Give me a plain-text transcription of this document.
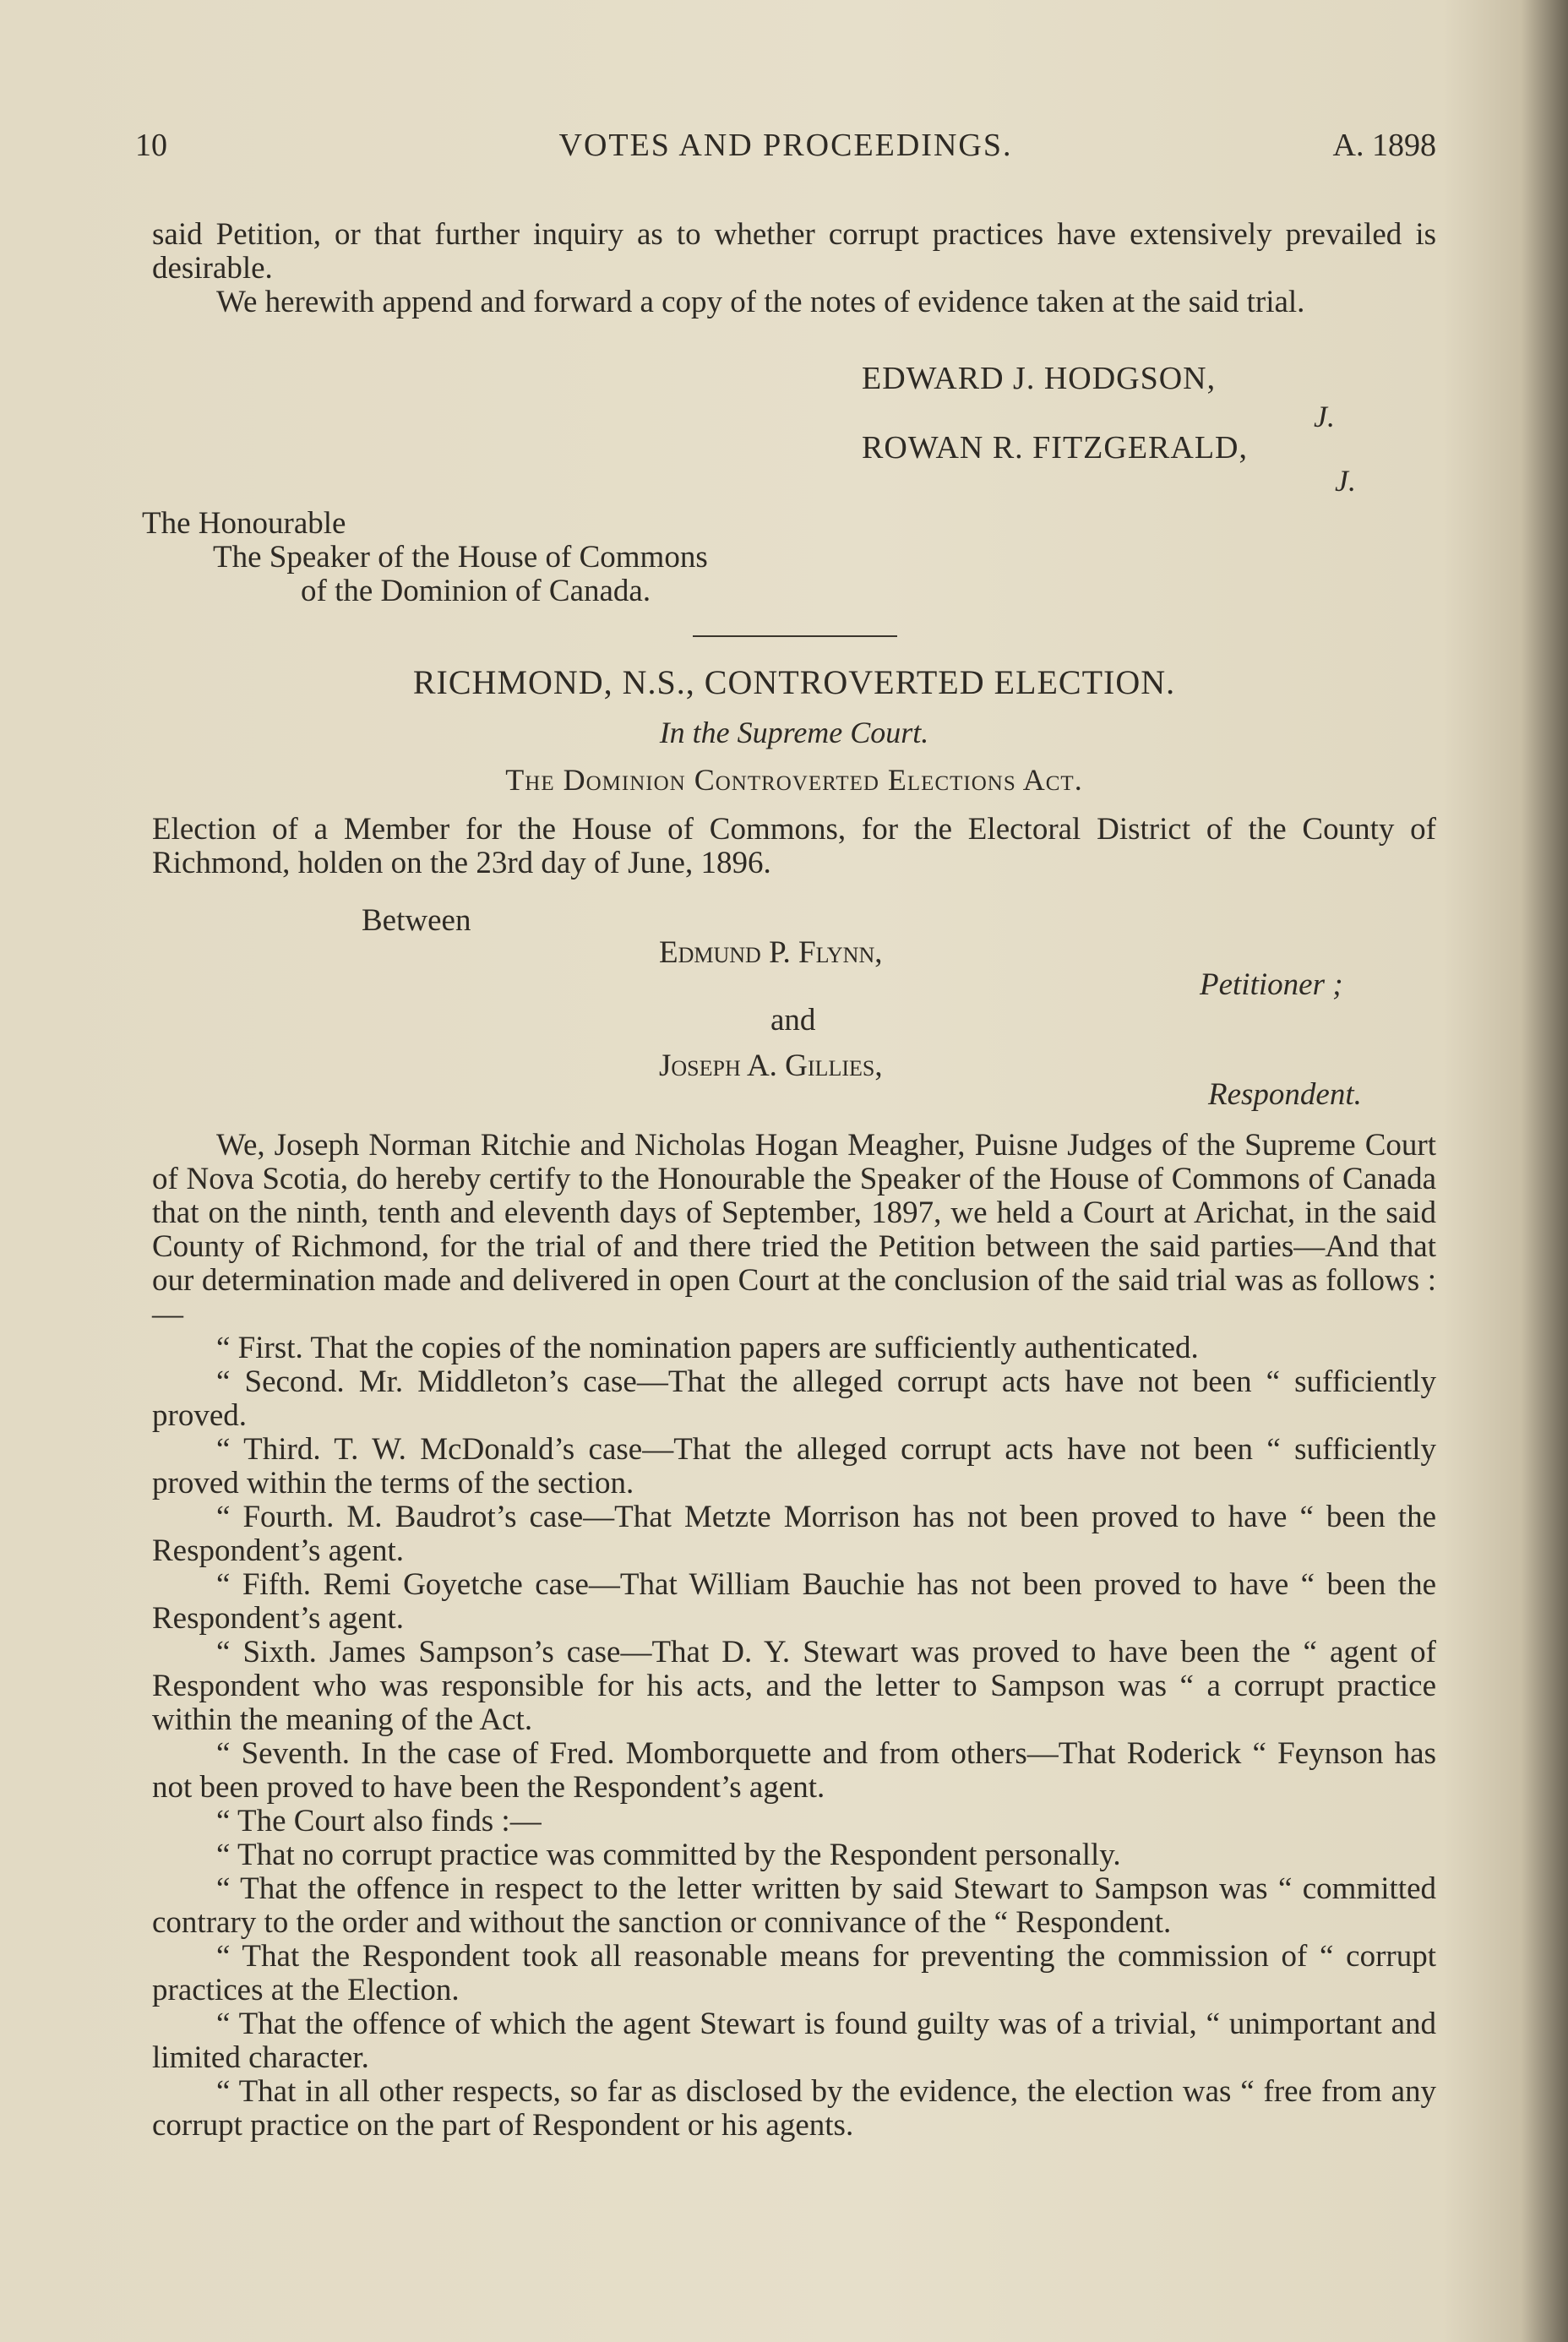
10	VOTES AND PROCEEDINGS.	A. 1898

said Petition, or that further inquiry as to whether corrupt practices have extensively prevailed is desirable.

We herewith append and forward a copy of the notes of evidence taken at the said trial.

EDWARD J. HODGSON,
J.
ROWAN R. FITZGERALD,
J.

The Honourable

The Speaker of the House of Commons

of the Dominion of Canada.

RICHMOND, N.S., CONTROVERTED ELECTION.
In the Supreme Court.
The Dominion Controverted Elections Act.
Election of a Member for the House of Commons, for the Electoral District of the County of Richmond, holden on the 23rd day of June, 1896.
Between
Edmund P. Flynn,
Petitioner ;
and
Joseph A. Gillies,
Respondent.

We, Joseph Norman Ritchie and Nicholas Hogan Meagher, Puisne Judges of the Supreme Court of Nova Scotia, do hereby certify to the Honourable the Speaker of the House of Commons of Canada that on the ninth, tenth and eleventh days of September, 1897, we held a Court at Arichat, in the said County of Richmond, for the trial of and there tried the Petition between the said parties—And that our determination made and delivered in open Court at the conclusion of the said trial was as follows :—

“ First. That the copies of the nomination papers are sufficiently authenticated.

“ Second. Mr. Middleton’s case—That the alleged corrupt acts have not been “ sufficiently proved.

“ Third. T. W. McDonald’s case—That the alleged corrupt acts have not been “ sufficiently proved within the terms of the section.

“ Fourth. M. Baudrot’s case—That Metzte Morrison has not been proved to have “ been the Respondent’s agent.

“ Fifth. Remi Goyetche case—That William Bauchie has not been proved to have “ been the Respondent’s agent.

“ Sixth. James Sampson’s case—That D. Y. Stewart was proved to have been the “ agent of Respondent who was responsible for his acts, and the letter to Sampson was “ a corrupt practice within the meaning of the Act.

“ Seventh. In the case of Fred. Momborquette and from others—That Roderick “ Feynson has not been proved to have been the Respondent’s agent.

“ The Court also finds :—

“ That no corrupt practice was committed by the Respondent personally.

“ That the offence in respect to the letter written by said Stewart to Sampson was “ committed contrary to the order and without the sanction or connivance of the “ Respondent.

“ That the Respondent took all reasonable means for preventing the commission of “ corrupt practices at the Election.

“ That the offence of which the agent Stewart is found guilty was of a trivial, “ unimportant and limited character.

“ That in all other respects, so far as disclosed by the evidence, the election was “ free from any corrupt practice on the part of Respondent or his agents.
